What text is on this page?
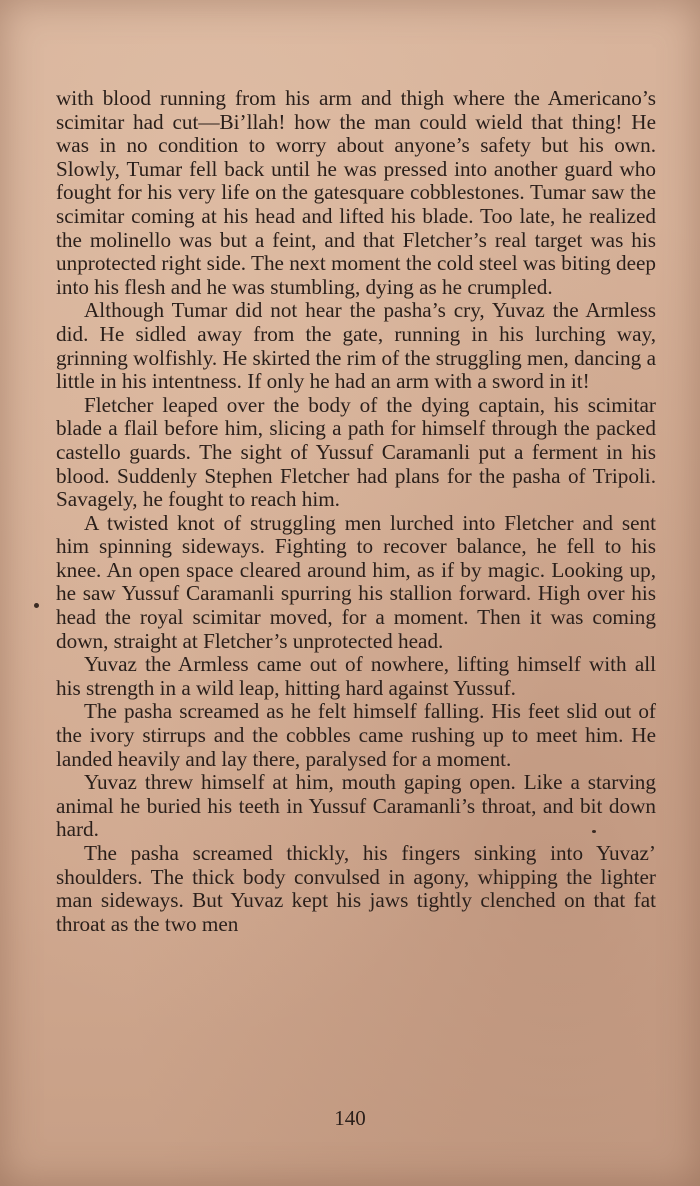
with blood running from his arm and thigh where the Americano’s scimitar had cut—Bi’llah! how the man could wield that thing! He was in no condition to worry about anyone’s safety but his own. Slowly, Tumar fell back until he was pressed into another guard who fought for his very life on the gatesquare cobblestones. Tumar saw the scimitar coming at his head and lifted his blade. Too late, he realized the molinello was but a feint, and that Fletcher’s real target was his unprotected right side. The next moment the cold steel was biting deep into his flesh and he was stumbling, dying as he crumpled.

Although Tumar did not hear the pasha’s cry, Yuvaz the Armless did. He sidled away from the gate, running in his lurching way, grinning wolfishly. He skirted the rim of the struggling men, dancing a little in his intentness. If only he had an arm with a sword in it!

Fletcher leaped over the body of the dying captain, his scimitar blade a flail before him, slicing a path for himself through the packed castello guards. The sight of Yussuf Caramanli put a ferment in his blood. Suddenly Stephen Fletcher had plans for the pasha of Tripoli. Savagely, he fought to reach him.

A twisted knot of struggling men lurched into Fletcher and sent him spinning sideways. Fighting to recover balance, he fell to his knee. An open space cleared around him, as if by magic. Looking up, he saw Yussuf Caramanli spurring his stallion forward. High over his head the royal scimitar moved, for a moment. Then it was coming down, straight at Fletcher’s unprotected head.

Yuvaz the Armless came out of nowhere, lifting himself with all his strength in a wild leap, hitting hard against Yussuf.

The pasha screamed as he felt himself falling. His feet slid out of the ivory stirrups and the cobbles came rushing up to meet him. He landed heavily and lay there, paralysed for a moment.

Yuvaz threw himself at him, mouth gaping open. Like a starving animal he buried his teeth in Yussuf Caramanli’s throat, and bit down hard.

The pasha screamed thickly, his fingers sinking into Yuvaz’ shoulders. The thick body convulsed in agony, whipping the lighter man sideways. But Yuvaz kept his jaws tightly clenched on that fat throat as the two men

140
